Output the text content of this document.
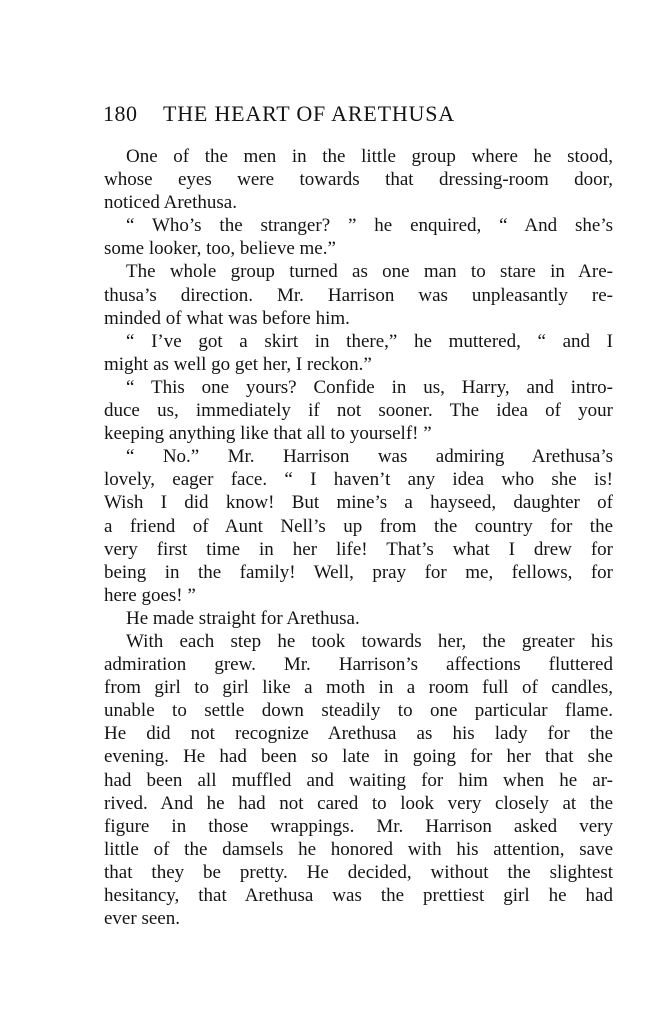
180 THE HEART OF ARETHUSA
One of the men in the little group where he stood,
whose eyes were towards that dressing-room door,
noticed Arethusa.
“ Who’s the stranger? ” he enquired, “ And she’s
some looker, too, believe me.”
The whole group turned as one man to stare in Are-
thusa’s direction. Mr. Harrison was unpleasantly re-
minded of what was before him.
“ I’ve got a skirt in there,” he muttered, “ and I
might as well go get her, I reckon.”
“ This one yours? Confide in us, Harry, and intro-
duce us, immediately if not sooner. The idea of your
keeping anything like that all to yourself! ”
“ No.” Mr. Harrison was admiring Arethusa’s
lovely, eager face. “ I haven’t any idea who she is!
Wish I did know! But mine’s a hayseed, daughter of
a friend of Aunt Nell’s up from the country for the
very first time in her life! That’s what I drew for
being in the family! Well, pray for me, fellows, for
here goes! ”
He made straight for Arethusa.
With each step he took towards her, the greater his
admiration grew. Mr. Harrison’s affections fluttered
from girl to girl like a moth in a room full of candles,
unable to settle down steadily to one particular flame.
He did not recognize Arethusa as his lady for the
evening. He had been so late in going for her that she
had been all muffled and waiting for him when he ar-
rived. And he had not cared to look very closely at the
figure in those wrappings. Mr. Harrison asked very
little of the damsels he honored with his attention, save
that they be pretty. He decided, without the slightest
hesitancy, that Arethusa was the prettiest girl he had
ever seen.
